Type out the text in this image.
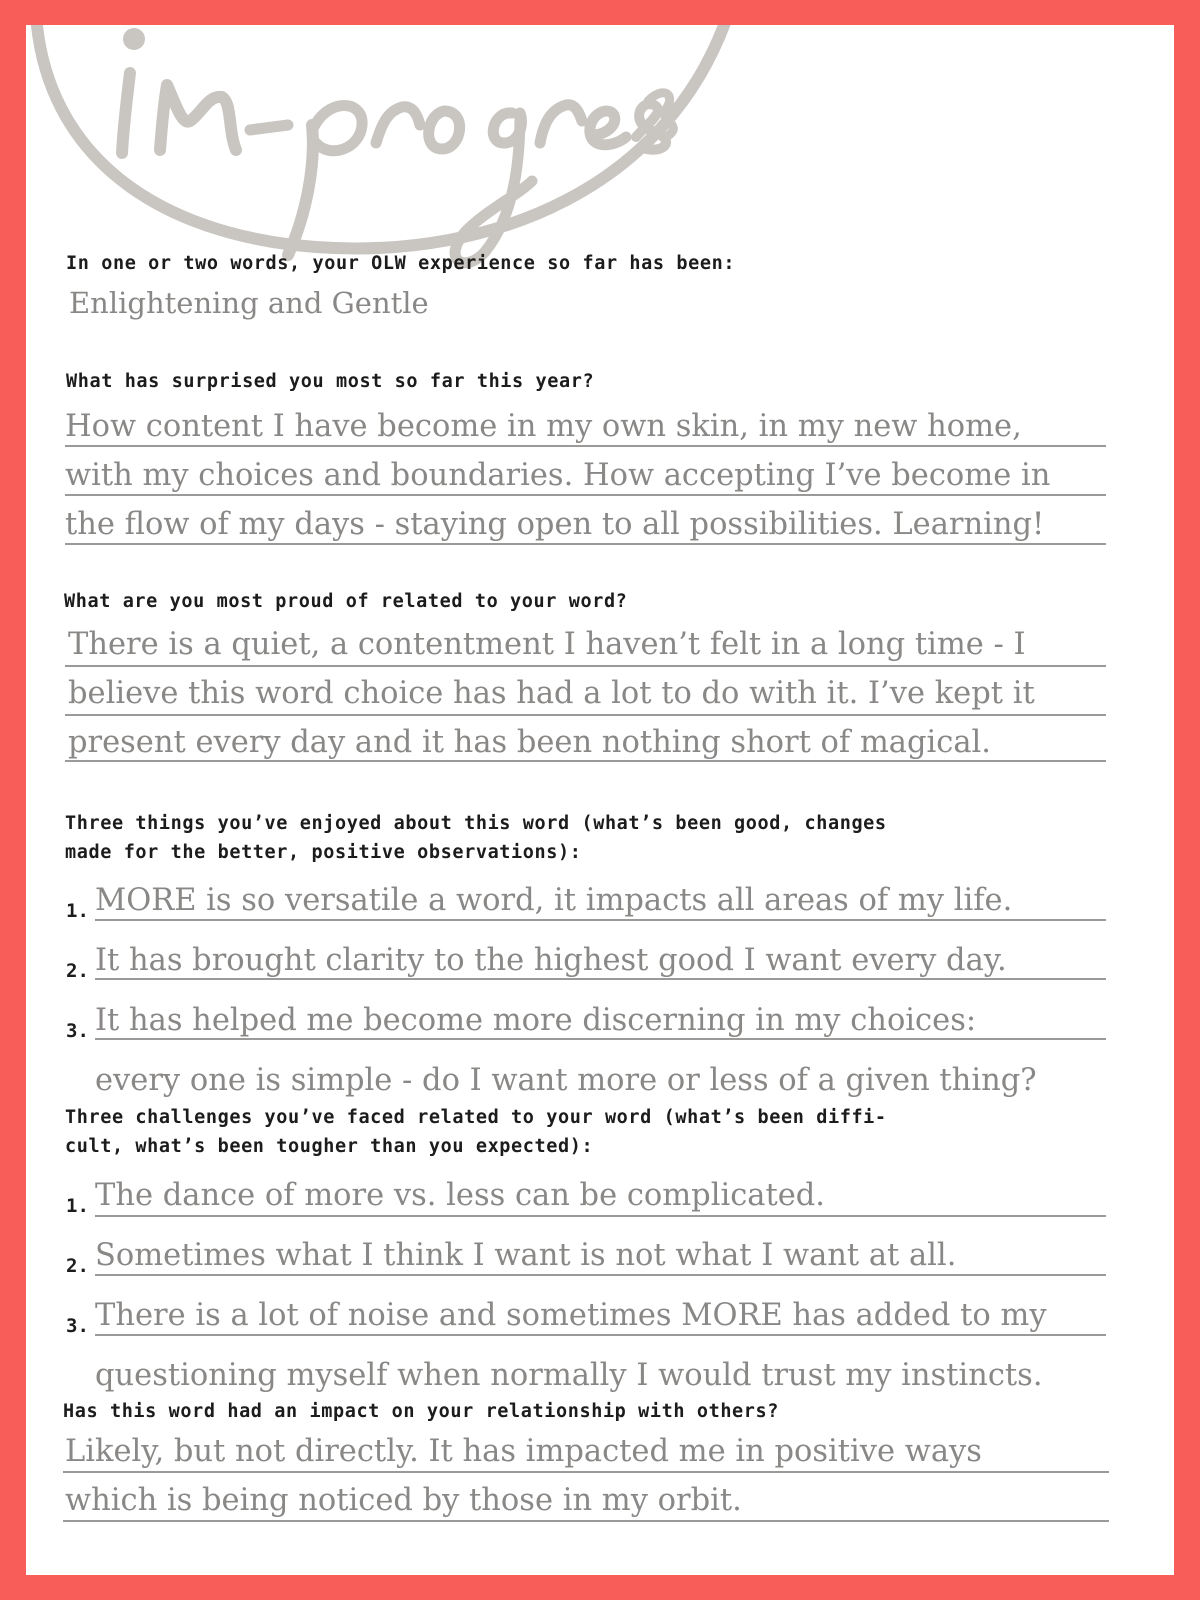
In one or two words, your OLW experience so far has been:
Enlightening and Gentle
What has surprised you most so far this year?
How content I have become in my own skin, in my new home,
with my choices and boundaries. How accepting I’ve become in
the flow of my days - staying open to all possibilities. Learning!
What are you most proud of related to your word?
There is a quiet, a contentment I haven’t felt in a long time - I
believe this word choice has had a lot to do with it. I’ve kept it
present every day and it has been nothing short of magical.
Three things you’ve enjoyed about this word (what’s been good, changes
made for the better, positive observations):
1. MORE is so versatile a word, it impacts all areas of my life.
2. It has brought clarity to the highest good I want every day.
3. It has helped me become more discerning in my choices:
every one is simple - do I want more or less of a given thing?
Three challenges you’ve faced related to your word (what’s been diffi-
cult, what’s been tougher than you expected):
1. The dance of more vs. less can be complicated.
2. Sometimes what I think I want is not what I want at all.
3. There is a lot of noise and sometimes MORE has added to my
questioning myself when normally I would trust my instincts.
Has this word had an impact on your relationship with others?
Likely, but not directly. It has impacted me in positive ways
which is being noticed by those in my orbit.
